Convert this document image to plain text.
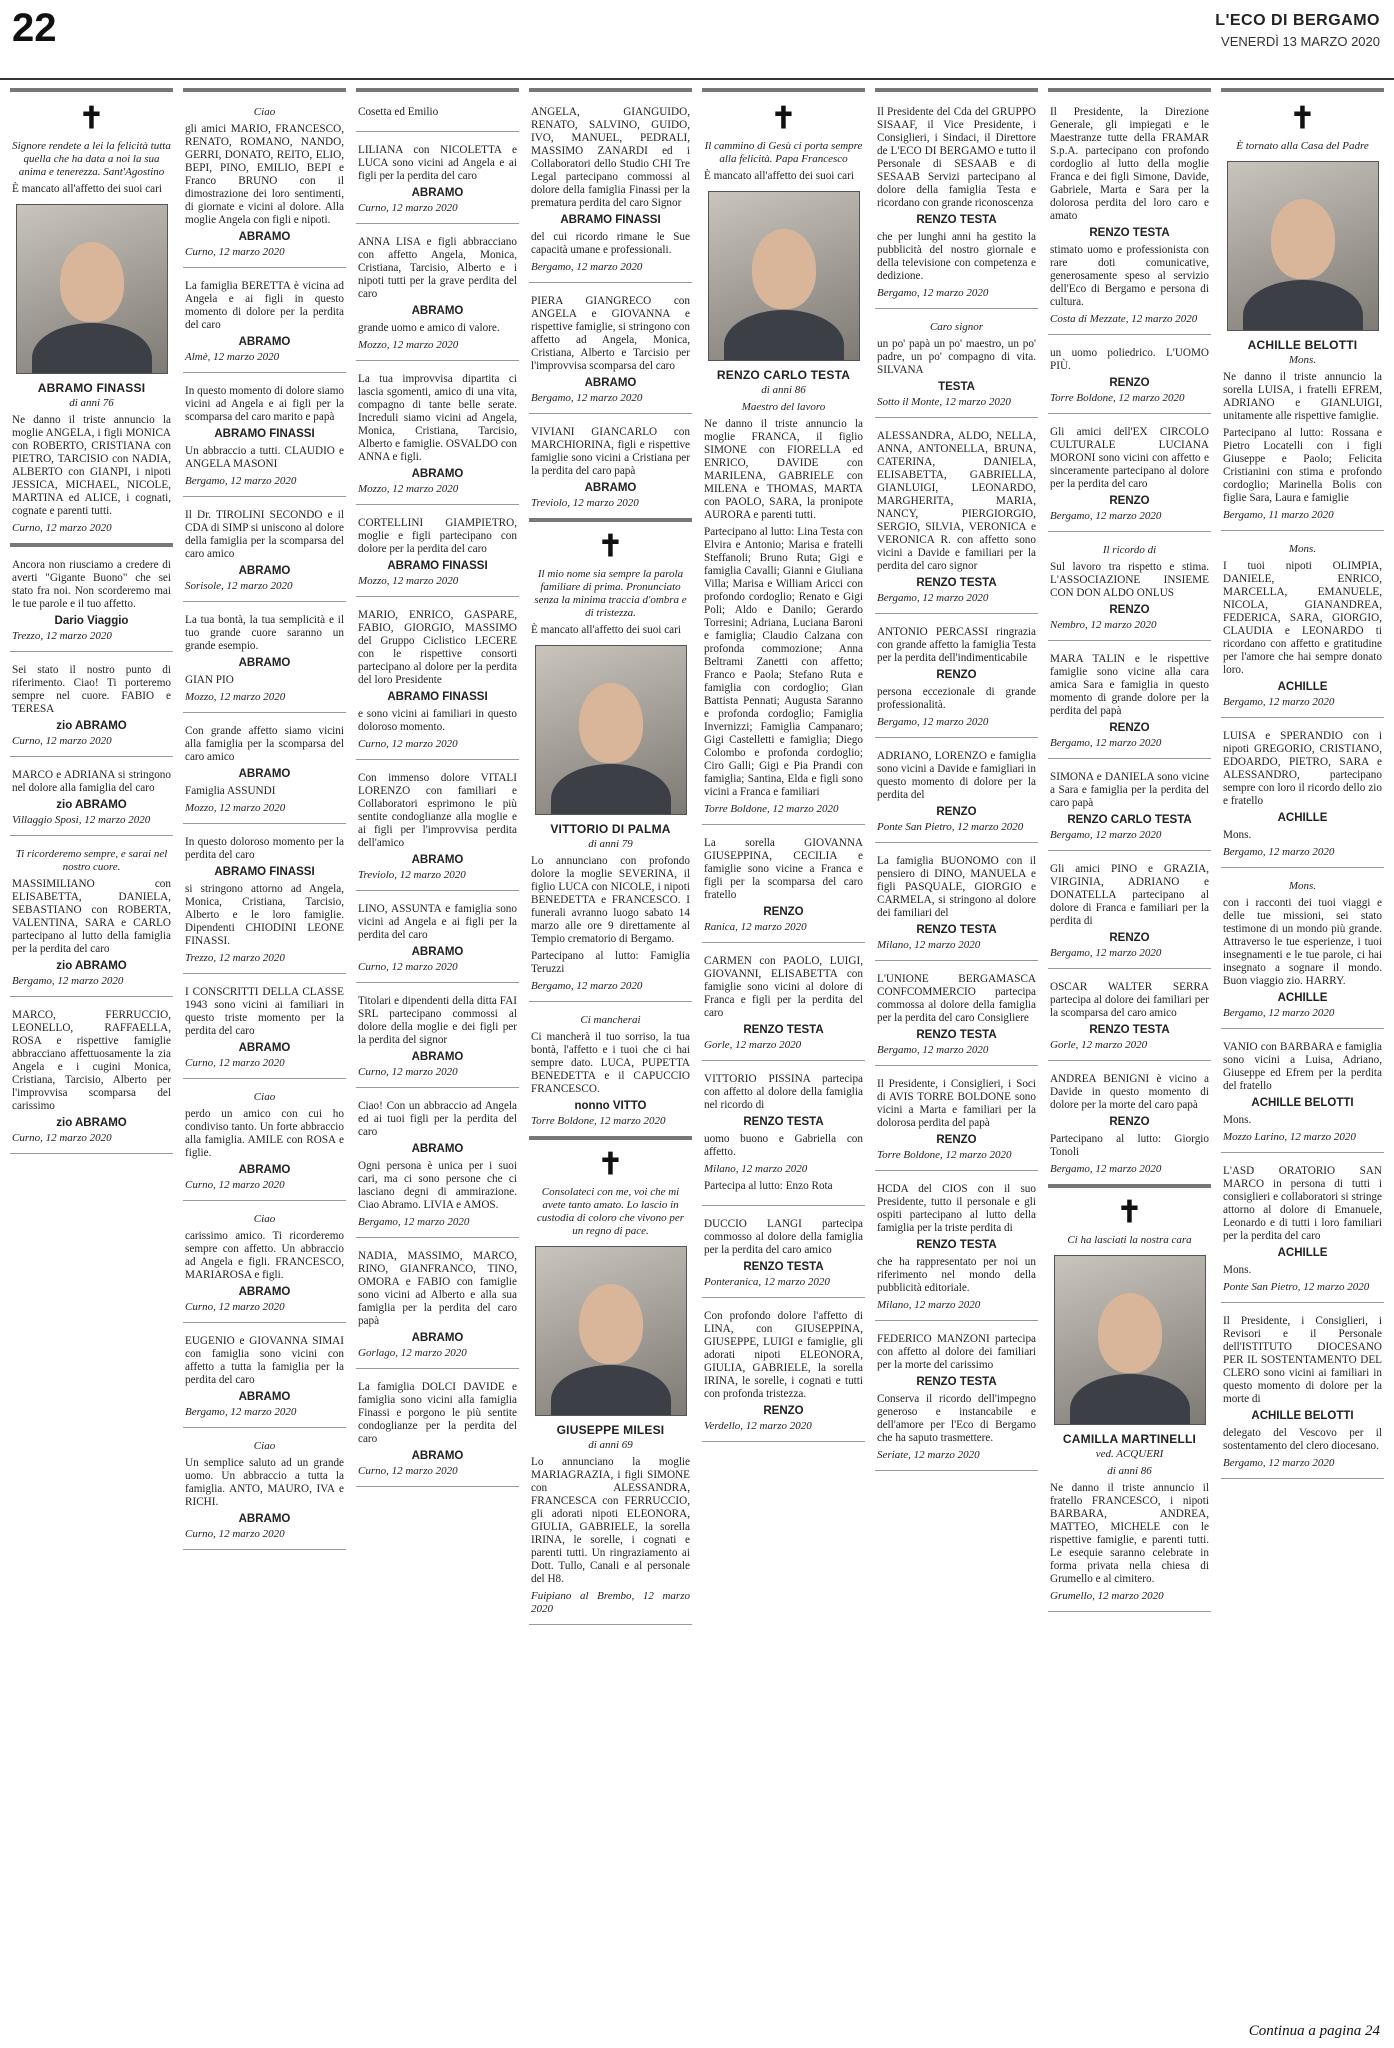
22	L'ECO DI BERGAMO
VENERDÌ 13 MARZO 2020
✝
Signore rendete a lei la felicità tutta quella che ha data a noi la sua anima e tenerezza. Sant'Agostino
È mancato all'affetto dei suoi cari
ABRAMO FINASSI
di anni 76
Ne danno il triste annuncio la moglie ANGELA, i figli MONICA con ROBERTO, CRISTIANA con PIETRO, TARCISIO con NADIA, ALBERTO con GIANPI, i nipoti JESSICA, MICHAEL, NICOLE, MARTINA ed ALICE, i cognati, cognate e parenti tutti.
Curno, 12 marzo 2020
Ancora non riusciamo a credere di averti "Gigante Buono" che sei stato fra noi. Non scorderemo mai le tue parole e il tuo affetto.
Dario Viaggio
Trezzo, 12 marzo 2020
Sei stato il nostro punto di riferimento. Ciao! Ti porteremo sempre nel cuore. FABIO e TERESA
zio ABRAMO
Curno, 12 marzo 2020
MARCO e ADRIANA si stringono nel dolore alla famiglia del caro
zio ABRAMO
Villaggio Sposi, 12 marzo 2020
Ti ricorderemo sempre, e sarai nel nostro cuore.
MASSIMILIANO con ELISABETTA, DANIELA, SEBASTIANO con ROBERTA, VALENTINA, SARA e CARLO partecipano al lutto della famiglia per la perdita del caro
zio ABRAMO
Bergamo, 12 marzo 2020
MARCO, FERRUCCIO, LEONELLO, RAFFAELLA, ROSA e rispettive famiglie abbracciano affettuosamente la zia Angela e i cugini Monica, Cristiana, Tarcisio, Alberto per l'improvvisa scomparsa del carissimo
zio ABRAMO
Curno, 12 marzo 2020
Ciao
gli amici MARIO, FRANCESCO, RENATO, ROMANO, NANDO, GERRI, DONATO, REITO, ELIO, BEPI, PINO, EMILIO, BEPI e Franco BRUNO con il dimostrazione dei loro sentimenti, di giornate e vicini al dolore. Alla moglie Angela con figli e nipoti.
ABRAMO
Curno, 12 marzo 2020
La famiglia BERETTA è vicina ad Angela e ai figli in questo momento di dolore per la perdita del caro
ABRAMO
Almè, 12 marzo 2020
In questo momento di dolore siamo vicini ad Angela e ai figli per la scomparsa del caro marito e papà
ABRAMO FINASSI
Un abbraccio a tutti. CLAUDIO e ANGELA MASONI
Bergamo, 12 marzo 2020
Il Dr. TIROLINI SECONDO e il CDA di SIMP si uniscono al dolore della famiglia per la scomparsa del caro amico
ABRAMO
Sorisole, 12 marzo 2020
La tua bontà, la tua semplicità e il tuo grande cuore saranno un grande esempio.
ABRAMO
GIAN PIO
Mozzo, 12 marzo 2020
Con grande affetto siamo vicini alla famiglia per la scomparsa del caro amico
ABRAMO
Famiglia ASSUNDI
Mozzo, 12 marzo 2020
In questo doloroso momento per la perdita del caro
ABRAMO FINASSI
si stringono attorno ad Angela, Monica, Cristiana, Tarcisio, Alberto e le loro famiglie. Dipendenti CHIODINI LEONE FINASSI.
Trezzo, 12 marzo 2020
I CONSCRITTI DELLA CLASSE 1943 sono vicini ai familiari in questo triste momento per la perdita del caro
ABRAMO
Curno, 12 marzo 2020
Ciao
perdo un amico con cui ho condiviso tanto. Un forte abbraccio alla famiglia. AMILE con ROSA e figlie.
ABRAMO
Curno, 12 marzo 2020
Ciao
carissimo amico. Ti ricorderemo sempre con affetto. Un abbraccio ad Angela e figli. FRANCESCO, MARIAROSA e figli.
ABRAMO
Curno, 12 marzo 2020
EUGENIO e GIOVANNA SIMAI con famiglia sono vicini con affetto a tutta la famiglia per la perdita del caro
ABRAMO
Bergamo, 12 marzo 2020
Ciao
Un semplice saluto ad un grande uomo. Un abbraccio a tutta la famiglia. ANTO, MAURO, IVA e RICHI.
ABRAMO
Curno, 12 marzo 2020
Cosetta ed Emilio
LILIANA con NICOLETTA e LUCA sono vicini ad Angela e ai figli per la perdita del caro
ABRAMO
Curno, 12 marzo 2020
ANNA LISA e figli abbracciano con affetto Angela, Monica, Cristiana, Tarcisio, Alberto e i nipoti tutti per la grave perdita del caro
ABRAMO
grande uomo e amico di valore.
Mozzo, 12 marzo 2020
La tua improvvisa dipartita ci lascia sgomenti, amico di una vita, compagno di tante belle serate. Increduli siamo vicini ad Angela, Monica, Cristiana, Tarcisio, Alberto e famiglie. OSVALDO con ANNA e figli.
ABRAMO
Mozzo, 12 marzo 2020
CORTELLINI GIAMPIETRO, moglie e figli partecipano con dolore per la perdita del caro
ABRAMO FINASSI
Mozzo, 12 marzo 2020
MARIO, ENRICO, GASPARE, FABIO, GIORGIO, MASSIMO del Gruppo Ciclistico LECERE con le rispettive consorti partecipano al dolore per la perdita del loro Presidente
ABRAMO FINASSI
e sono vicini ai familiari in questo doloroso momento.
Curno, 12 marzo 2020
Con immenso dolore VITALI LORENZO con familiari e Collaboratori esprimono le più sentite condoglianze alla moglie e ai figli per l'improvvisa perdita dell'amico
ABRAMO
Treviolo, 12 marzo 2020
LINO, ASSUNTA e famiglia sono vicini ad Angela e ai figli per la perdita del caro
ABRAMO
Curno, 12 marzo 2020
Titolari e dipendenti della ditta FAI SRL partecipano commossi al dolore della moglie e dei figli per la perdita del signor
ABRAMO
Curno, 12 marzo 2020
Ciao! Con un abbraccio ad Angela ed ai tuoi figli per la perdita del caro
ABRAMO
Ogni persona è unica per i suoi cari, ma ci sono persone che ci lasciano degni di ammirazione. Ciao Abramo. LIVIA e AMOS.
Bergamo, 12 marzo 2020
NADIA, MASSIMO, MARCO, RINO, GIANFRANCO, TINO, OMORA e FABIO con famiglie sono vicini ad Alberto e alla sua famiglia per la perdita del caro papà
ABRAMO
Gorlago, 12 marzo 2020
La famiglia DOLCI DAVIDE e famiglia sono vicini alla famiglia Finassi e porgono le più sentite condoglianze per la perdita del caro
ABRAMO
Curno, 12 marzo 2020
ANGELA, GIANGUIDO, RENATO, SALVINO, GUIDO, IVO, MANUEL, PEDRALI, MASSIMO ZANARDI ed i Collaboratori dello Studio CHI Tre Legal partecipano commossi al dolore della famiglia Finassi per la prematura perdita del caro Signor
ABRAMO FINASSI
del cui ricordo rimane le Sue capacità umane e professionali.
Bergamo, 12 marzo 2020
PIERA GIANGRECO con ANGELA e GIOVANNA e rispettive famiglie, si stringono con affetto ad Angela, Monica, Cristiana, Alberto e Tarcisio per l'improvvisa scomparsa del caro
ABRAMO
Bergamo, 12 marzo 2020
VIVIANI GIANCARLO con MARCHIORINA, figli e rispettive famiglie sono vicini a Cristiana per la perdita del caro papà
ABRAMO
Treviolo, 12 marzo 2020
✝
Il mio nome sia sempre la parola familiare di prima. Pronunciato senza la minima traccia d'ombra e di tristezza.
È mancato all'affetto dei suoi cari
VITTORIO DI PALMA
di anni 79
Lo annunciano con profondo dolore la moglie SEVERINA, il figlio LUCA con NICOLE, i nipoti BENEDETTA e FRANCESCO. I funerali avranno luogo sabato 14 marzo alle ore 9 direttamente al Tempio crematorio di Bergamo.
Partecipano al lutto: Famiglia Teruzzi
Bergamo, 12 marzo 2020
Ci mancherai
Ci mancherà il tuo sorriso, la tua bontà, l'affetto e i tuoi che ci hai sempre dato. LUCA, PUPETTA BENEDETTA e il CAPUCCIO FRANCESCO.
nonno VITTO
Torre Boldone, 12 marzo 2020
✝
Consolateci con me, voi che mi avete tanto amato. Lo lascio in custodia di coloro che vivono per un regno di pace.
GIUSEPPE MILESI
di anni 69
Lo annunciano la moglie MARIAGRAZIA, i figli SIMONE con ALESSANDRA, FRANCESCA con FERRUCCIO, gli adorati nipoti ELEONORA, GIULIA, GABRIELE, la sorella IRINA, le sorelle, i cognati e parenti tutti. Un ringraziamento ai Dott. Tullo, Canali e al personale del H8.
Fuipiano al Brembo, 12 marzo 2020
✝
Il cammino di Gesù ci porta sempre alla felicità. Papa Francesco
È mancato all'affetto dei suoi cari
RENZO CARLO TESTA
di anni 86
Maestro del lavoro
Ne danno il triste annuncio la moglie FRANCA, il figlio SIMONE con FIORELLA ed ENRICO, DAVIDE con MARILENA, GABRIELE con MILENA e THOMAS, MARTA con PAOLO, SARA, la pronipote AURORA e parenti tutti.
Partecipano al lutto: Lina Testa con Elvira e Antonio; Marisa e fratelli Steffanoli; Bruno Ruta; Gigi e famiglia Cavalli; Gianni e Giuliana Villa; Marisa e William Aricci con profondo cordoglio; Renato e Gigi Poli; Aldo e Danilo; Gerardo Torresini; Adriana, Luciana Baroni e famiglia; Claudio Calzana con profonda commozione; Anna Beltrami Zanetti con affetto; Franco e Paola; Stefano Ruta e famiglia con cordoglio; Gian Battista Pennati; Augusta Saranno e profonda cordoglio; Famiglia Invernizzi; Famiglia Campanaro; Gigi Castelletti e famiglia; Diego Colombo e profonda cordoglio; Ciro Galli; Gigi e Pia Prandi con famiglia; Santina, Elda e figli sono vicini a Franca e familiari
Torre Boldone, 12 marzo 2020
La sorella GIOVANNA GIUSEPPINA, CECILIA e famiglie sono vicine a Franca e figli per la scomparsa del caro fratello
RENZO
Ranica, 12 marzo 2020
CARMEN con PAOLO, LUIGI, GIOVANNI, ELISABETTA con famiglie sono vicini al dolore di Franca e figli per la perdita del caro
RENZO TESTA
Gorle, 12 marzo 2020
VITTORIO PISSINA partecipa con affetto al dolore della famiglia nel ricordo di
RENZO TESTA
uomo buono e Gabriella con affetto.
Milano, 12 marzo 2020
Partecipa al lutto: Enzo Rota
DUCCIO LANGI partecipa commosso al dolore della famiglia per la perdita del caro amico
RENZO TESTA
Ponteranica, 12 marzo 2020
Con profondo dolore l'affetto di LINA, con GIUSEPPINA, GIUSEPPE, LUIGI e famiglie, gli adorati nipoti ELEONORA, GIULIA, GABRIELE, la sorella IRINA, le sorelle, i cognati e tutti con profonda tristezza.
RENZO
Verdello, 12 marzo 2020
Il Presidente del Cda del GRUPPO SISAAF, il Vice Presidente, i Consiglieri, i Sindaci, il Direttore de L'ECO DI BERGAMO e tutto il Personale di SESAAB e di SESAAB Servizi partecipano al dolore della famiglia Testa e ricordano con grande riconoscenza
RENZO TESTA
che per lunghi anni ha gestito la pubblicità del nostro giornale e della televisione con competenza e dedizione.
Bergamo, 12 marzo 2020
Caro signor
un po' papà un po' maestro, un po' padre, un po' compagno di vita. SILVANA
TESTA
Sotto il Monte, 12 marzo 2020
ALESSANDRA, ALDO, NELLA, ANNA, ANTONELLA, BRUNA, CATERINA, DANIELA, ELISABETTA, GABRIELLA, GIANLUIGI, LEONARDO, MARGHERITA, MARIA, NANCY, PIERGIORGIO, SERGIO, SILVIA, VERONICA e VERONICA R. con affetto sono vicini a Davide e familiari per la perdita del caro signor
RENZO TESTA
Bergamo, 12 marzo 2020
ANTONIO PERCASSI ringrazia con grande affetto la famiglia Testa per la perdita dell'indimenticabile
RENZO
persona eccezionale di grande professionalità.
Bergamo, 12 marzo 2020
ADRIANO, LORENZO e famiglia sono vicini a Davide e famigliari in questo momento di dolore per la perdita del
RENZO
Ponte San Pietro, 12 marzo 2020
La famiglia BUONOMO con il pensiero di DINO, MANUELA e figli PASQUALE, GIORGIO e CARMELA, si stringono al dolore dei familiari del
RENZO TESTA
Milano, 12 marzo 2020
L'UNIONE BERGAMASCA CONFCOMMERCIO partecipa commossa al dolore della famiglia per la perdita del caro Consigliere
RENZO TESTA
Bergamo, 12 marzo 2020
Il Presidente, i Consiglieri, i Soci di AVIS TORRE BOLDONE sono vicini a Marta e familiari per la dolorosa perdita del papà
RENZO
Torre Boldone, 12 marzo 2020
HCDA del CIOS con il suo Presidente, tutto il personale e gli ospiti partecipano al lutto della famiglia per la triste perdita di
RENZO TESTA
che ha rappresentato per noi un riferimento nel mondo della pubblicità editoriale.
Milano, 12 marzo 2020
FEDERICO MANZONI partecipa con affetto al dolore dei familiari per la morte del carissimo
RENZO TESTA
Conserva il ricordo dell'impegno generoso e instancabile e dell'amore per l'Eco di Bergamo che ha saputo trasmettere.
Seriate, 12 marzo 2020
Il Presidente, la Direzione Generale, gli impiegati e le Maestranze tutte della FRAMAR S.p.A. partecipano con profondo cordoglio al lutto della moglie Franca e dei figli Simone, Davide, Gabriele, Marta e Sara per la dolorosa perdita del loro caro e amato
RENZO TESTA
stimato uomo e professionista con rare doti comunicative, generosamente speso al servizio dell'Eco di Bergamo e persona di cultura.
Costa di Mezzate, 12 marzo 2020
un uomo poliedrico. L'UOMO PIÙ.
RENZO
Torre Boldone, 12 marzo 2020
Gli amici dell'EX CIRCOLO CULTURALE LUCIANA MORONI sono vicini con affetto e sinceramente partecipano al dolore per la perdita del caro
RENZO
Bergamo, 12 marzo 2020
Il ricordo di
Sul lavoro tra rispetto e stima. L'ASSOCIAZIONE INSIEME CON DON ALDO ONLUS
RENZO
Nembro, 12 marzo 2020
MARA TALIN e le rispettive famiglie sono vicine alla cara amica Sara e famiglia in questo momento di grande dolore per la perdita del papà
RENZO
Bergamo, 12 marzo 2020
SIMONA e DANIELA sono vicine a Sara e famiglia per la perdita del caro papà
RENZO CARLO TESTA
Bergamo, 12 marzo 2020
Gli amici PINO e GRAZIA, VIRGINIA, ADRIANO e DONATELLA partecipano al dolore di Franca e familiari per la perdita di
RENZO
Bergamo, 12 marzo 2020
OSCAR WALTER SERRA partecipa al dolore dei familiari per la scomparsa del caro amico
RENZO TESTA
Gorle, 12 marzo 2020
ANDREA BENIGNI è vicino a Davide in questo momento di dolore per la morte del caro papà
RENZO
Partecipano al lutto: Giorgio Tonoli
Bergamo, 12 marzo 2020
✝
Ci ha lasciati la nostra cara
CAMILLA MARTINELLI
ved. ACQUERI
di anni 86
Ne danno il triste annuncio il fratello FRANCESCO, i nipoti BARBARA, ANDREA, MATTEO, MICHELE con le rispettive famiglie, e parenti tutti. Le esequie saranno celebrate in forma privata nella chiesa di Grumello e al cimitero.
Grumello, 12 marzo 2020
✝
È tornato alla Casa del Padre
ACHILLE BELOTTI
Mons.
Ne danno il triste annuncio la sorella LUISA, i fratelli EFREM, ADRIANO e GIANLUIGI, unitamente alle rispettive famiglie.
Partecipano al lutto: Rossana e Pietro Locatelli con i figli Giuseppe e Paolo; Felicita Cristianini con stima e profondo cordoglio; Marinella Bolis con figlie Sara, Laura e famiglie
Bergamo, 11 marzo 2020
Mons.
I tuoi nipoti OLIMPIA, DANIELE, ENRICO, MARCELLA, EMANUELE, NICOLA, GIANANDREA, FEDERICA, SARA, GIORGIO, CLAUDIA e LEONARDO ti ricordano con affetto e gratitudine per l'amore che hai sempre donato loro.
ACHILLE
Bergamo, 12 marzo 2020
LUISA e SPERANDIO con i nipoti GREGORIO, CRISTIANO, EDOARDO, PIETRO, SARA e ALESSANDRO, partecipano sempre con loro il ricordo dello zio e fratello
ACHILLE
Mons.
Bergamo, 12 marzo 2020
Mons.
con i racconti dei tuoi viaggi e delle tue missioni, sei stato testimone di un mondo più grande. Attraverso le tue esperienze, i tuoi insegnamenti e le tue parole, ci hai insegnato a sognare il mondo. Buon viaggio zio. HARRY.
ACHILLE
Bergamo, 12 marzo 2020
VANIO con BARBARA e famiglia sono vicini a Luisa, Adriano, Giuseppe ed Efrem per la perdita del fratello
ACHILLE BELOTTI
Mons.
Mozzo Larino, 12 marzo 2020
L'ASD ORATORIO SAN MARCO in persona di tutti i consiglieri e collaboratori si stringe attorno al dolore di Emanuele, Leonardo e di tutti i loro familiari per la perdita del caro
ACHILLE
Mons.
Ponte San Pietro, 12 marzo 2020
Il Presidente, i Consiglieri, i Revisori e il Personale dell'ISTITUTO DIOCESANO PER IL SOSTENTAMENTO DEL CLERO sono vicini ai familiari in questo momento di dolore per la morte di
ACHILLE BELOTTI
delegato del Vescovo per il sostentamento del clero diocesano.
Bergamo, 12 marzo 2020
Continua a pagina 24
